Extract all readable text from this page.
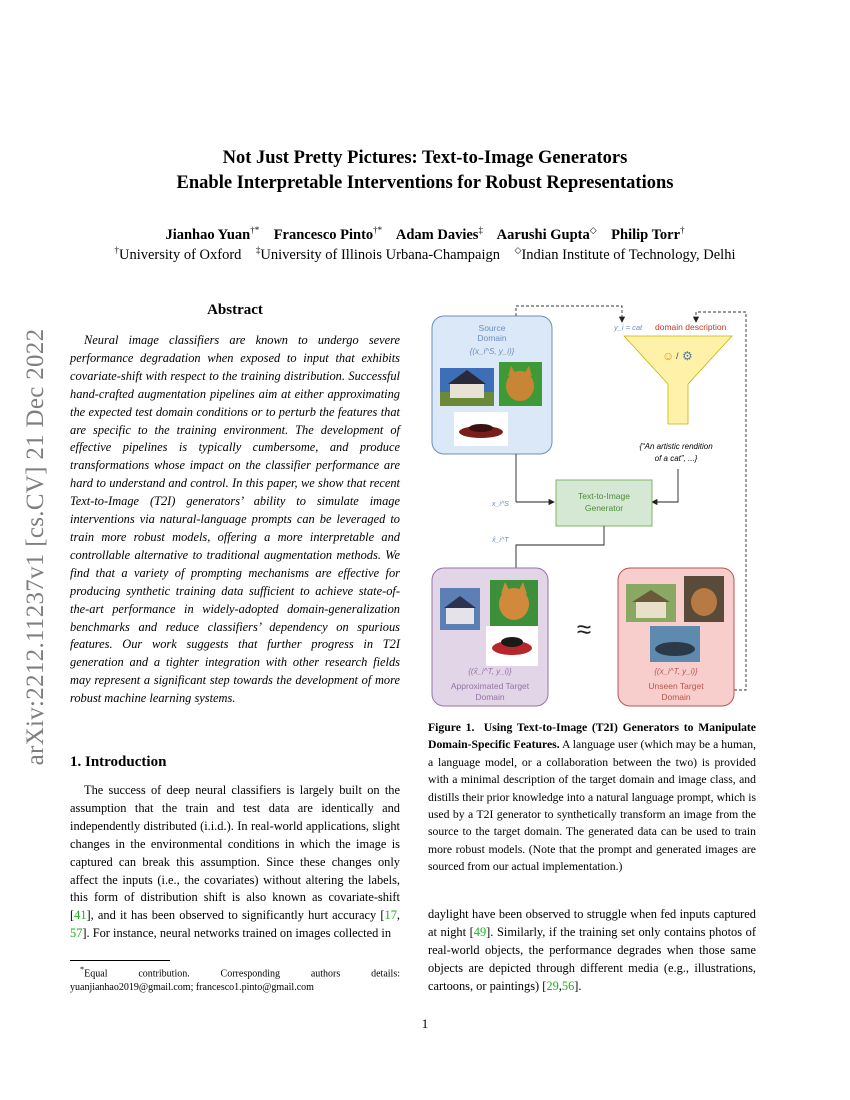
Not Just Pretty Pictures: Text-to-Image Generators
Enable Interpretable Interventions for Robust Representations
Jianhao Yuan†* Francesco Pinto†* Adam Davies‡ Aarushi Gupta◇ Philip Torr†
†University of Oxford ‡University of Illinois Urbana-Champaign ◇Indian Institute of Technology, Delhi
arXiv:2212.11237v1 [cs.CV] 21 Dec 2022
Abstract
Neural image classifiers are known to undergo severe performance degradation when exposed to input that exhibits covariate-shift with respect to the training distribution. Successful hand-crafted augmentation pipelines aim at either approximating the expected test domain conditions or to perturb the features that are specific to the training environment. The development of effective pipelines is typically cumbersome, and produce transformations whose impact on the classifier performance are hard to understand and control. In this paper, we show that recent Text-to-Image (T2I) generators’ ability to simulate image interventions via natural-language prompts can be leveraged to train more robust models, offering a more interpretable and controllable alternative to traditional augmentation methods. We find that a variety of prompting mechanisms are effective for producing synthetic training data sufficient to achieve state-of-the-art performance in widely-adopted domain-generalization benchmarks and reduce classifiers’ dependency on spurious features. Our work suggests that further progress in T2I generation and a tighter integration with other research fields may represent a significant step towards the development of more robust machine learning systems.
1. Introduction
The success of deep neural classifiers is largely built on the assumption that the train and test data are identically and independently distributed (i.i.d.). In real-world applications, slight changes in the environmental conditions in which the image is captured can break this assumption. Since these changes only affect the inputs (i.e., the covariates) without altering the labels, this form of distribution shift is also known as covariate-shift [41], and it has been observed to significantly hurt accuracy [17, 57]. For instance, neural networks trained on images collected in
*Equal contribution. Corresponding authors details: yuanjianhao2019@gmail.com; francesco1.pinto@gmail.com
Source
Domain
{(x_i^S, y_i)}
y_i = cat domain description
☺ / ⚙
{“An artistic rendition
of a cat”, ...}
x_i^S
Text-to-Image
Generator
x̂_i^T
{(x̂_i^T, y_i)}
Approximated Target
Domain
≈
{(x_i^T, y_i)}
Unseen Target
Domain
Figure 1. Using Text-to-Image (T2I) Generators to Manipulate Domain-Specific Features. A language user (which may be a human, a language model, or a collaboration between the two) is provided with a minimal description of the target domain and image class, and distills their prior knowledge into a natural language prompt, which is used by a T2I generator to synthetically transform an image from the source to the target domain. The generated data can be used to train more robust models. (Note that the prompt and generated images are sourced from our actual implementation.)
daylight have been observed to struggle when fed inputs captured at night [49]. Similarly, if the training set only contains photos of real-world objects, the performance degrades when those same objects are depicted through different media (e.g., illustrations, cartoons, or paintings) [29,56].
1
